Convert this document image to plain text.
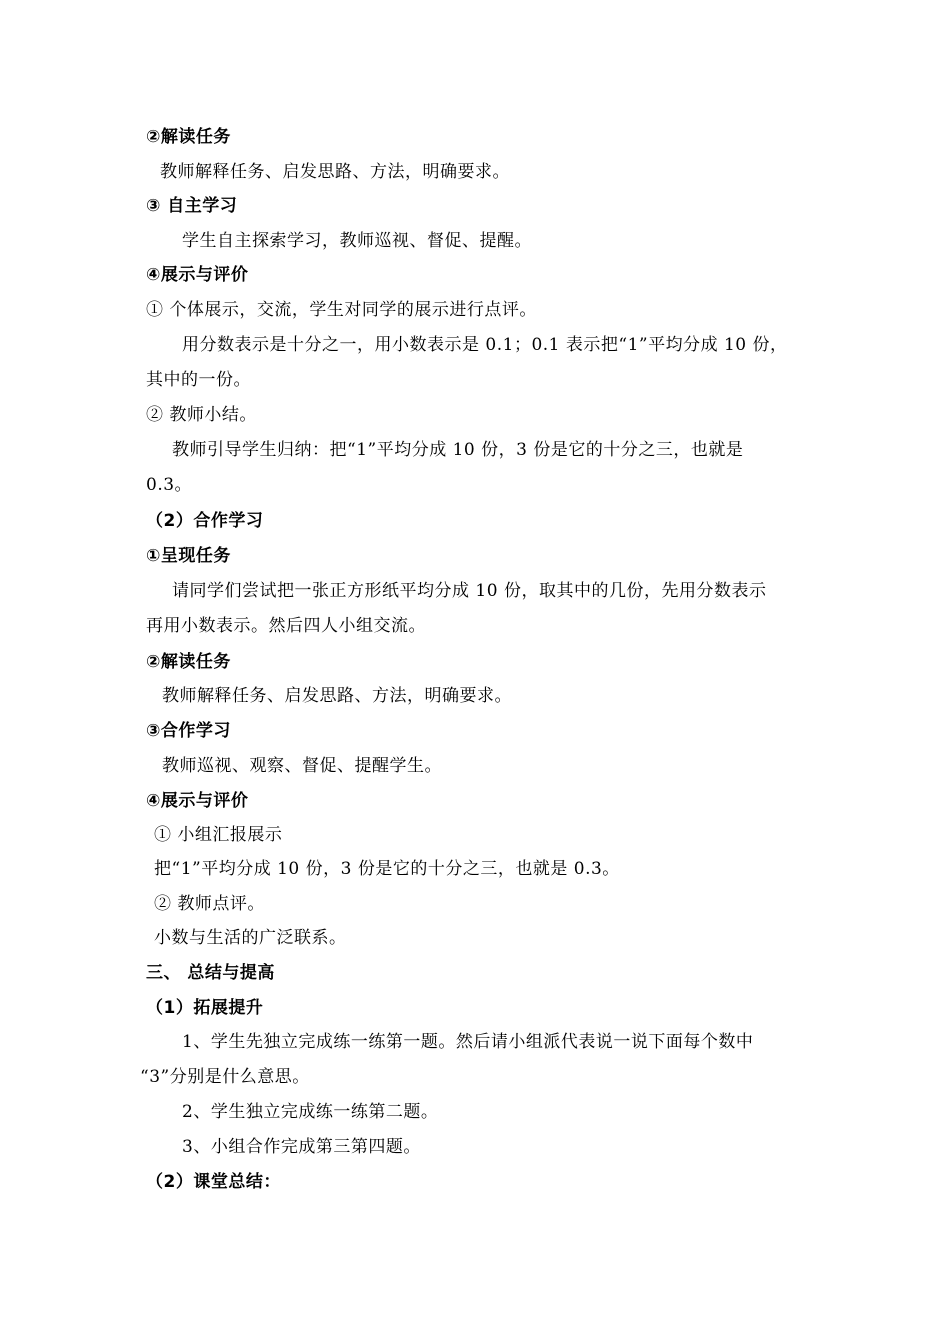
②解读任务
教师解释任务、启发思路、方法，明确要求。
③ 自主学习
学生自主探索学习，教师巡视、督促、提醒。
④展示与评价
① 个体展示，交流，学生对同学的展示进行点评。
用分数表示是十分之一，用小数表示是 0.1；0.1 表示把“1”平均分成 10 份，
其中的一份。
② 教师小结。
教师引导学生归纳：把“1”平均分成 10 份，3 份是它的十分之三，也就是
0.3。
（2）合作学习
①呈现任务
请同学们尝试把一张正方形纸平均分成 10 份，取其中的几份，先用分数表示
再用小数表示。然后四人小组交流。
②解读任务
教师解释任务、启发思路、方法，明确要求。
③合作学习
教师巡视、观察、督促、提醒学生。
④展示与评价
① 小组汇报展示
把“1”平均分成 10 份，3 份是它的十分之三，也就是 0.3。
② 教师点评。
小数与生活的广泛联系。
三、 总结与提高
（1）拓展提升
1、学生先独立完成练一练第一题。然后请小组派代表说一说下面每个数中
“3”分别是什么意思。
2、学生独立完成练一练第二题。
3、小组合作完成第三第四题。
（2）课堂总结：
